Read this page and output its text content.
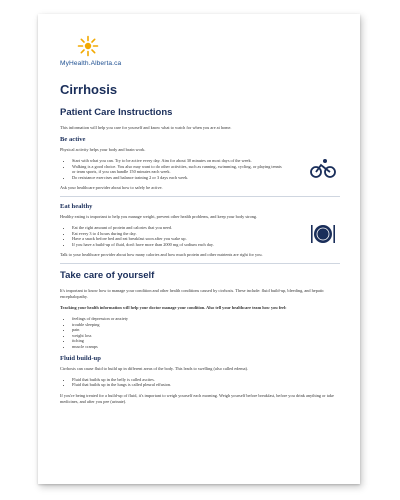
MyHealth.Alberta.ca
Cirrhosis
Patient Care Instructions

This information will help you care for yourself and know what to watch for when you are at home.

Be active

Physical activity helps your body and brain work.

• Start with what you can. Try to be active every day. Aim for about 30 minutes on most days of the week.
• Walking is a good choice. You also may want to do other activities, such as running, swimming, cycling, or playing tennis or team sports, if you can handle 150 minutes each week.
• Do resistance exercises and balance training 2 or 3 days each week.

Ask your healthcare provider about how to safely be active.

Eat healthy

Healthy eating is important to help you manage weight, prevent other health problems, and keep your body strong.

• Eat the right amount of protein and calories that you need.
• Eat every 3 to 4 hours during the day.
• Have a snack before bed and eat breakfast soon after you wake up.
• If you have a build-up of fluid, don't have more than 2000 mg of sodium each day.

Talk to your healthcare provider about how many calories and how much protein and other nutrients are right for you.

Take care of yourself

It's important to know how to manage your condition and other health conditions caused by cirrhosis. These include: fluid build-up, bleeding, and hepatic encephalopathy.

Tracking your health information will help your doctor manage your condition. Also tell your healthcare team how you feel:

• feelings of depression or anxiety
• trouble sleeping
• pain
• weight loss
• itching
• muscle cramps
Fluid build-up

Cirrhosis can cause fluid to build up in different areas of the body. This leads to swelling (also called edema).

• Fluid that builds up in the belly is called ascites.
• Fluid that builds up in the lungs is called pleural effusion.

If you're being treated for a build-up of fluid, it's important to weigh yourself each morning. Weigh yourself before breakfast, before you drink anything or take medicines, and after you pee (urinate).
